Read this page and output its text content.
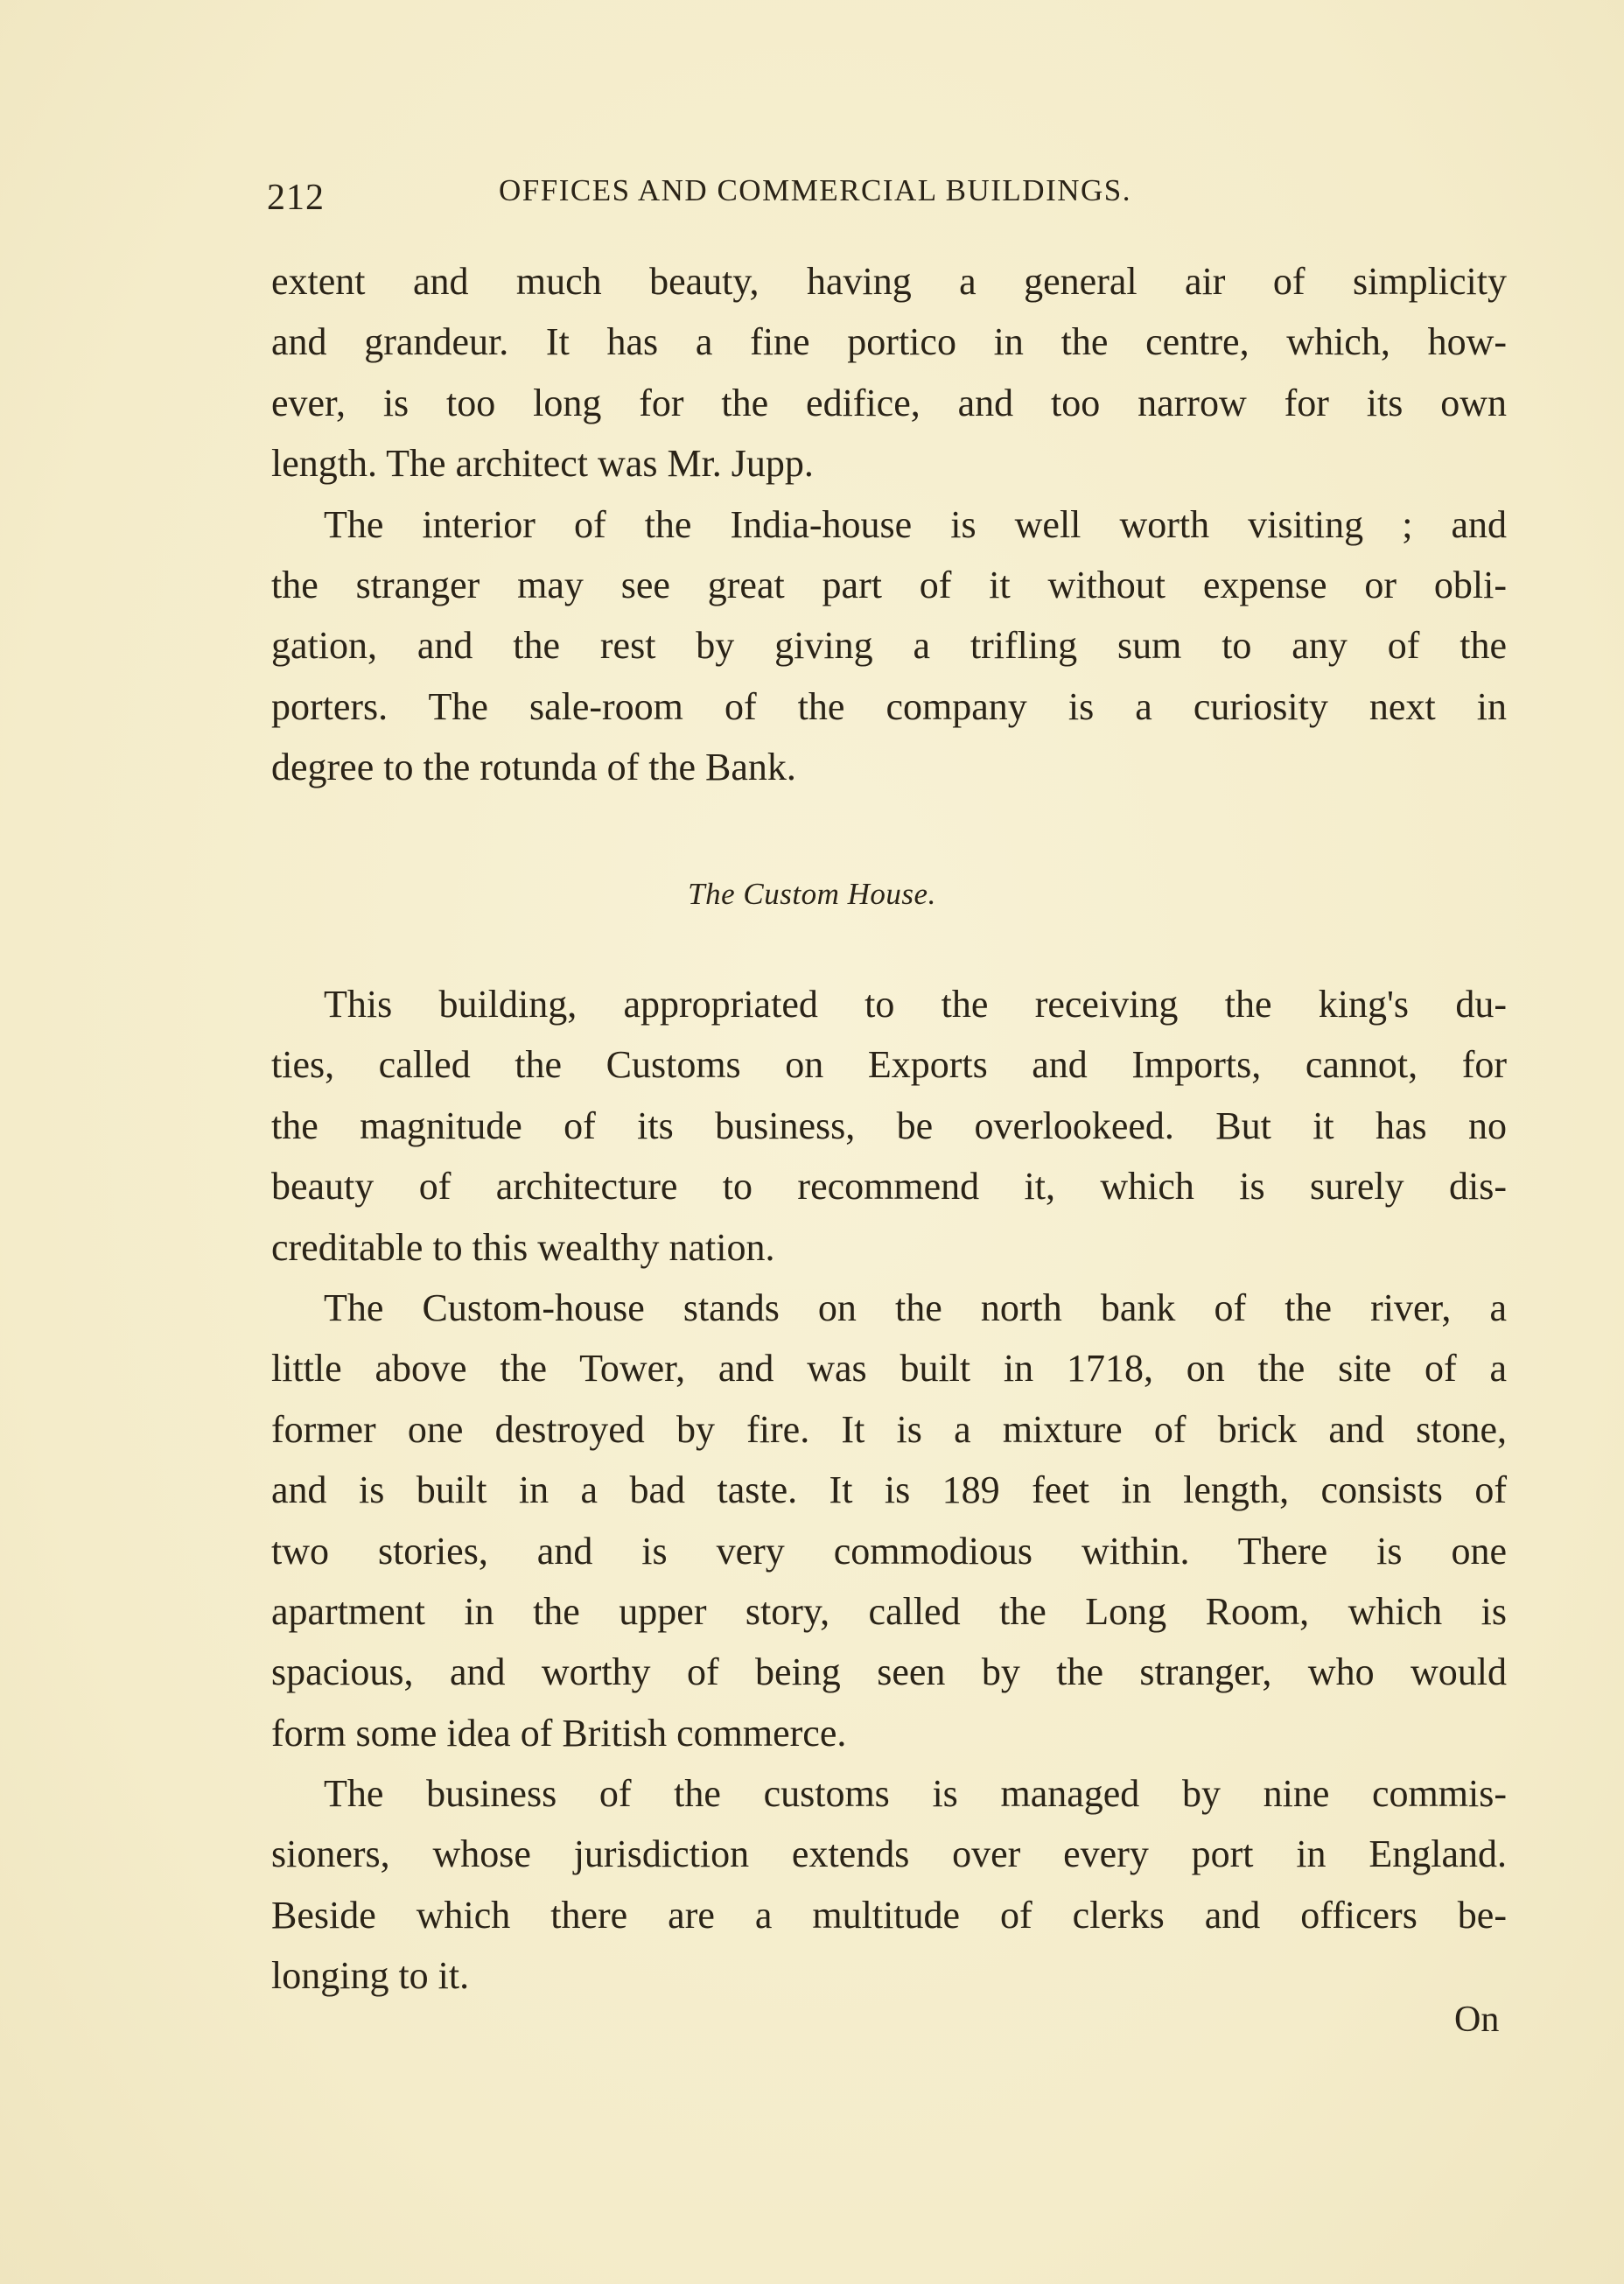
212	OFFICES AND COMMERCIAL BUILDINGS.
extent and much beauty, having a general air of simplicity
and grandeur. It has a fine portico in the centre, which, how-
ever, is too long for the edifice, and too narrow for its own
length. The architect was Mr. Jupp.
The interior of the India-house is well worth visiting ; and
the stranger may see great part of it without expense or obli-
gation, and the rest by giving a trifling sum to any of the
porters. The sale-room of the company is a curiosity next in
degree to the rotunda of the Bank.
The Custom House.
This building, appropriated to the receiving the king's du-
ties, called the Customs on Exports and Imports, cannot, for
the magnitude of its business, be overlookeed. But it has no
beauty of architecture to recommend it, which is surely dis-
creditable to this wealthy nation.
The Custom-house stands on the north bank of the river, a
little above the Tower, and was built in 1718, on the site of a
former one destroyed by fire. It is a mixture of brick and stone,
and is built in a bad taste. It is 189 feet in length, consists of
two stories, and is very commodious within. There is one
apartment in the upper story, called the Long Room, which is
spacious, and worthy of being seen by the stranger, who would
form some idea of British commerce.
The business of the customs is managed by nine commis-
sioners, whose jurisdiction extends over every port in England.
Beside which there are a multitude of clerks and officers be-
longing to it.
On
